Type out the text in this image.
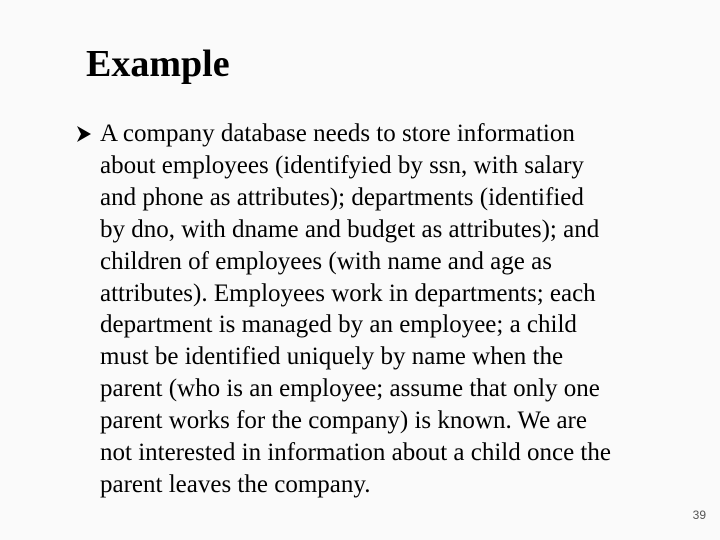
Example
A company database needs to store information
about employees (identifyied by ssn, with salary
and phone as attributes); departments (identified
by dno, with dname and budget as attributes); and
children of employees (with name and age as
attributes). Employees work in departments; each
department is managed by an employee; a child
must be identified uniquely by name when the
parent (who is an employee; assume that only one
parent works for the company) is known. We are
not interested in information about a child once the
parent leaves the company.
39
